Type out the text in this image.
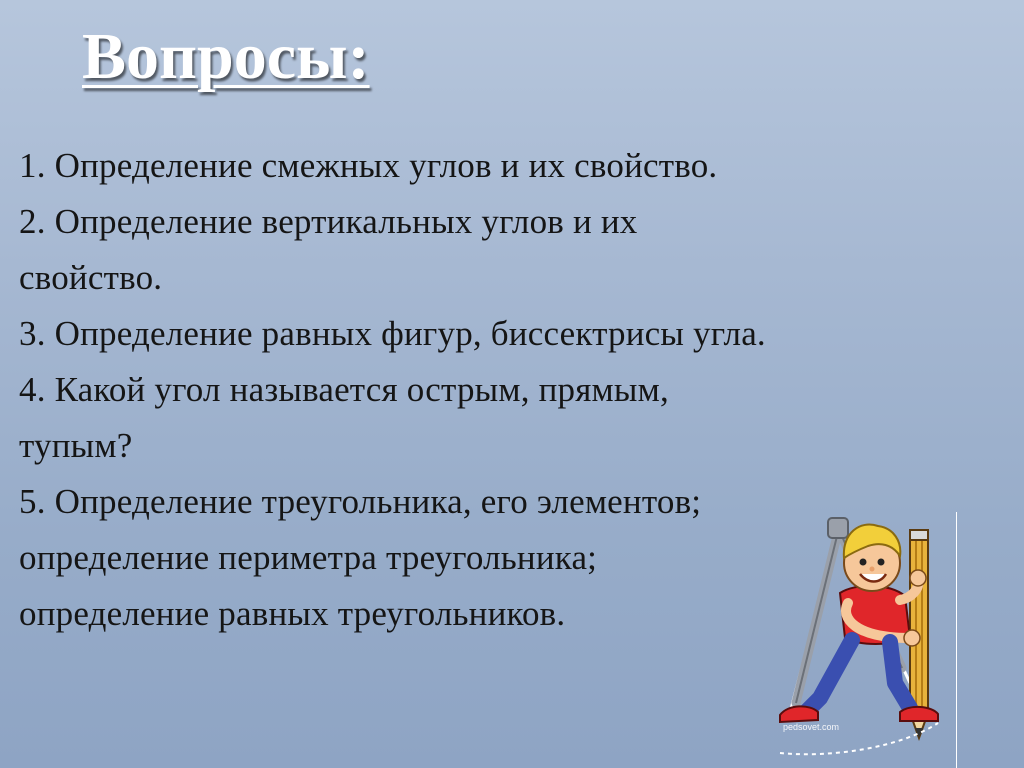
Вопросы:
1. Определение смежных углов и их свойство.
2. Определение вертикальных углов и их
свойство.
3. Определение равных фигур, биссектрисы угла.
4. Какой угол называется острым, прямым,
тупым?
5. Определение треугольника, его элементов;
определение периметра треугольника;
определение равных треугольников.
pedsovet.com
